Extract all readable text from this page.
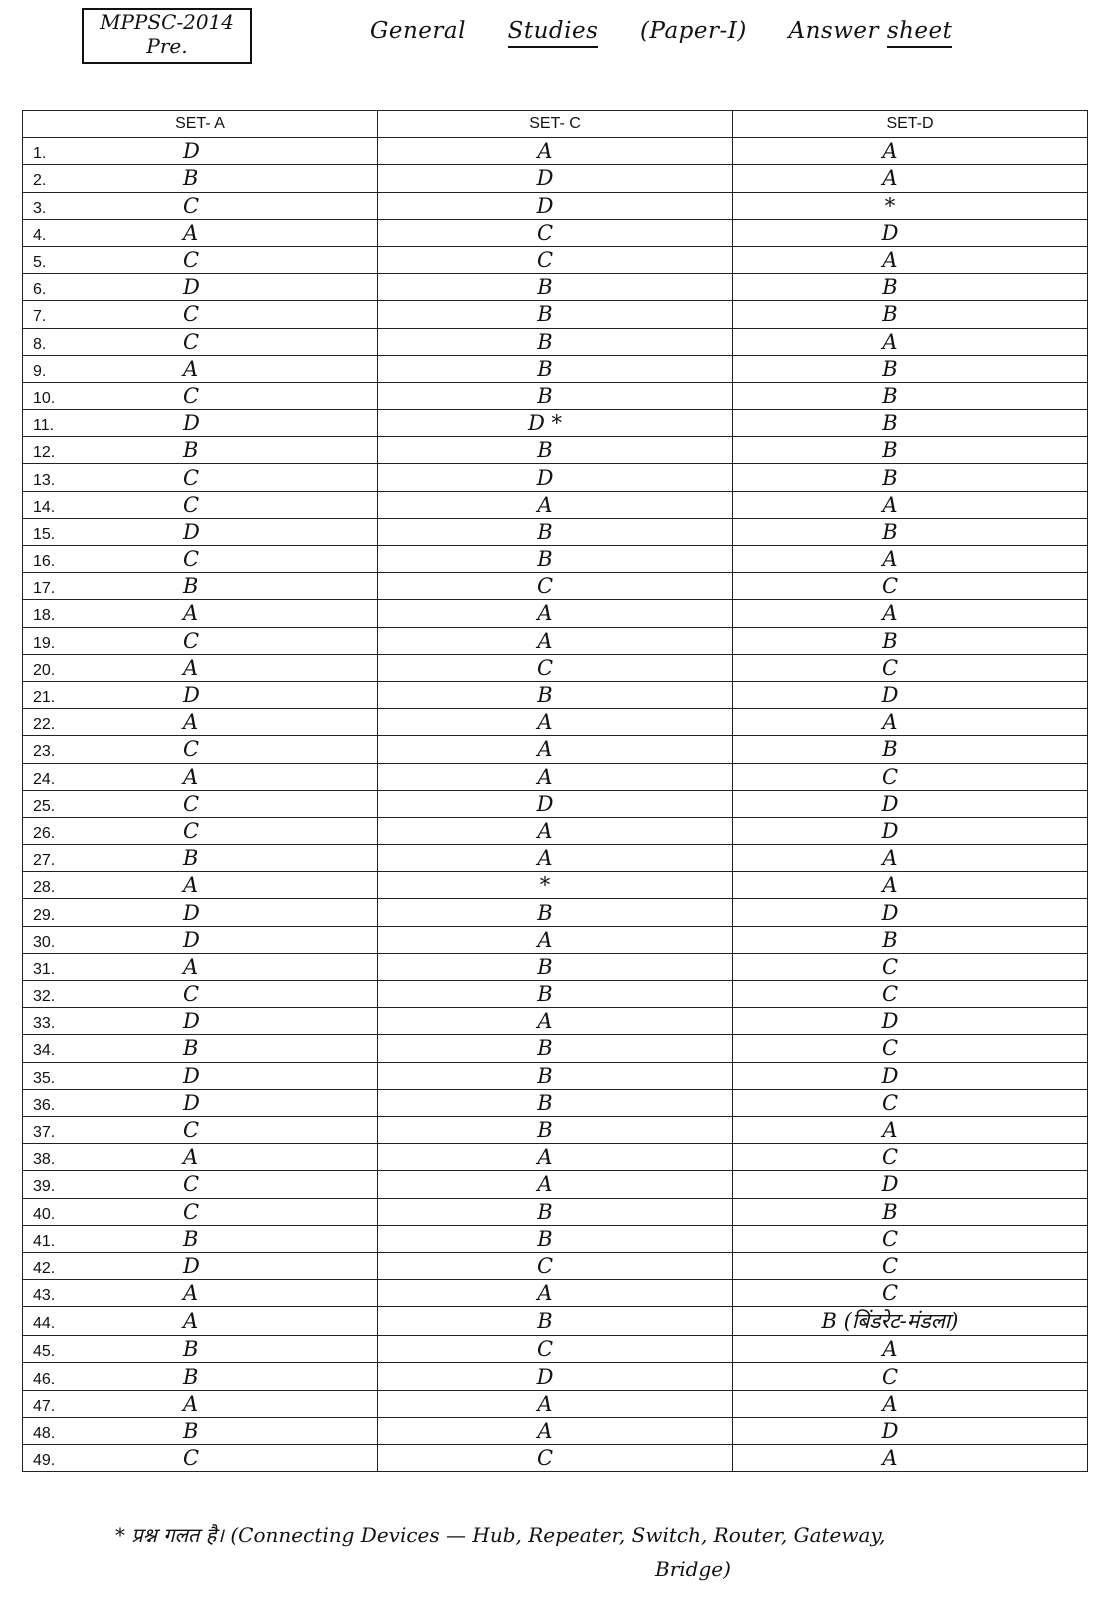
MPPSC-2014
Pre.
General Studies (Paper-I) Answer sheet
SET- A	SET- C	SET-D
1. D	A	A
2. B	D	A
3. C	D	*
4. A	C	D
5. C	C	A
6. D	B	B
7. C	B	B
8. C	B	A
9. A	B	B
10. C	B	B
11. D	D *	B
12. B	B	B
13. C	D	B
14. C	A	A
15. D	B	B
16. C	B	A
17. B	C	C
18. A	A	A
19. C	A	B
20. A	C	C
21. D	B	D
22. A	A	A
23. C	A	B
24. A	A	C
25. C	D	D
26. C	A	D
27. B	A	A
28. A	*	A
29. D	B	D
30. D	A	B
31. A	B	C
32. C	B	C
33. D	A	D
34. B	B	C
35. D	B	D
36. D	B	C
37. C	B	A
38. A	A	C
39. C	A	D
40. C	B	B
41. B	B	C
42. D	C	C
43. A	A	C
44. A	B	B (बिंडरेट-मंडला)
45. B	C	A
46. B	D	C
47. A	A	A
48. B	A	D
49. C	C	A
* प्रश्न गलत है। (Connecting Devices — Hub, Repeater, Switch, Router, Gateway,
Bridge)
